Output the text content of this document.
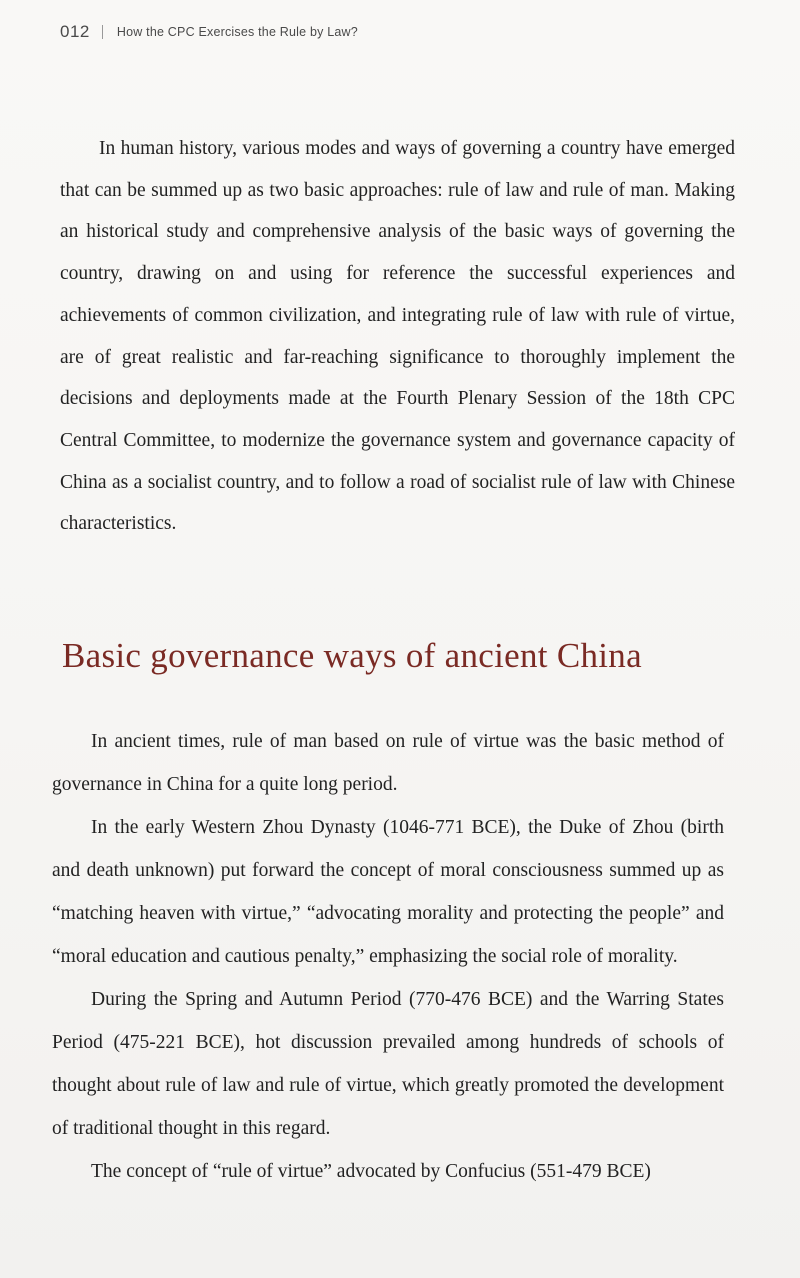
012 How the CPC Exercises the Rule by Law?

In human history, various modes and ways of governing a country have emerged that can be summed up as two basic approaches: rule of law and rule of man. Making an historical study and comprehensive analysis of the basic ways of governing the country, drawing on and using for reference the successful experiences and achievements of common civilization, and integrating rule of law with rule of virtue, are of great realistic and far-reaching significance to thoroughly implement the decisions and deployments made at the Fourth Plenary Session of the 18th CPC Central Committee, to modernize the governance system and governance capacity of China as a socialist country, and to follow a road of socialist rule of law with Chinese characteristics.

Basic governance ways of ancient China

In ancient times, rule of man based on rule of virtue was the basic method of governance in China for a quite long period.

In the early Western Zhou Dynasty (1046-771 BCE), the Duke of Zhou (birth and death unknown) put forward the concept of moral consciousness summed up as “matching heaven with virtue,” “advocating morality and protecting the people” and “moral education and cautious penalty,” emphasizing the social role of morality.

During the Spring and Autumn Period (770-476 BCE) and the Warring States Period (475-221 BCE), hot discussion prevailed among hundreds of schools of thought about rule of law and rule of virtue, which greatly promoted the development of traditional thought in this regard.

The concept of “rule of virtue” advocated by Confucius (551-479 BCE)
